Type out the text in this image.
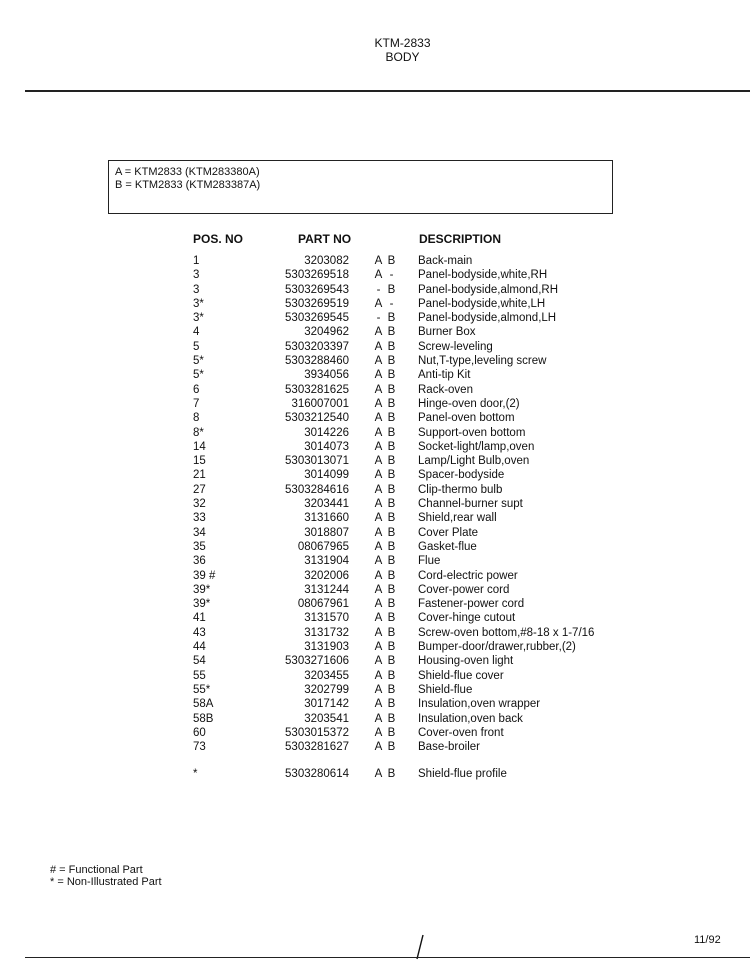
KTM-2833
BODY
A = KTM2833 (KTM283380A)
B = KTM2833 (KTM283387A)
POS. NO	PART NO	DESCRIPTION
1	3203082 A B Back-main
3	5303269518 A - Panel-bodyside,white,RH
3	5303269543 - B Panel-bodyside,almond,RH
3*	5303269519 A - Panel-bodyside,white,LH
3*	5303269545 - B Panel-bodyside,almond,LH
4	3204962 A B Burner Box
5	5303203397 A B Screw-leveling
5*	5303288460 A B Nut,T-type,leveling screw
5*	3934056 A B Anti-tip Kit
6	5303281625 A B Rack-oven
7	316007001 A B Hinge-oven door,(2)
8	5303212540 A B Panel-oven bottom
8*	3014226 A B Support-oven bottom
14	3014073 A B Socket-light/lamp,oven
15	5303013071 A B Lamp/Light Bulb,oven
21	3014099 A B Spacer-bodyside
27	5303284616 A B Clip-thermo bulb
32	3203441 A B Channel-burner supt
33	3131660 A B Shield,rear wall
34	3018807 A B Cover Plate
35	08067965 A B Gasket-flue
36	3131904 A B Flue
39 #	3202006 A B Cord-electric power
39*	3131244 A B Cover-power cord
39*	08067961 A B Fastener-power cord
41	3131570 A B Cover-hinge cutout
43	3131732 A B Screw-oven bottom,#8-18 x 1-7/16
44	3131903 A B Bumper-door/drawer,rubber,(2)
54	5303271606 A B Housing-oven light
55	3203455 A B Shield-flue cover
55*	3202799 A B Shield-flue
58A	3017142 A B Insulation,oven wrapper
58B	3203541 A B Insulation,oven back
60	5303015372 A B Cover-oven front
73	5303281627 A B Base-broiler
*	5303280614 A B Shield-flue profile
# = Functional Part
* = Non-Illustrated Part
/	11/92
